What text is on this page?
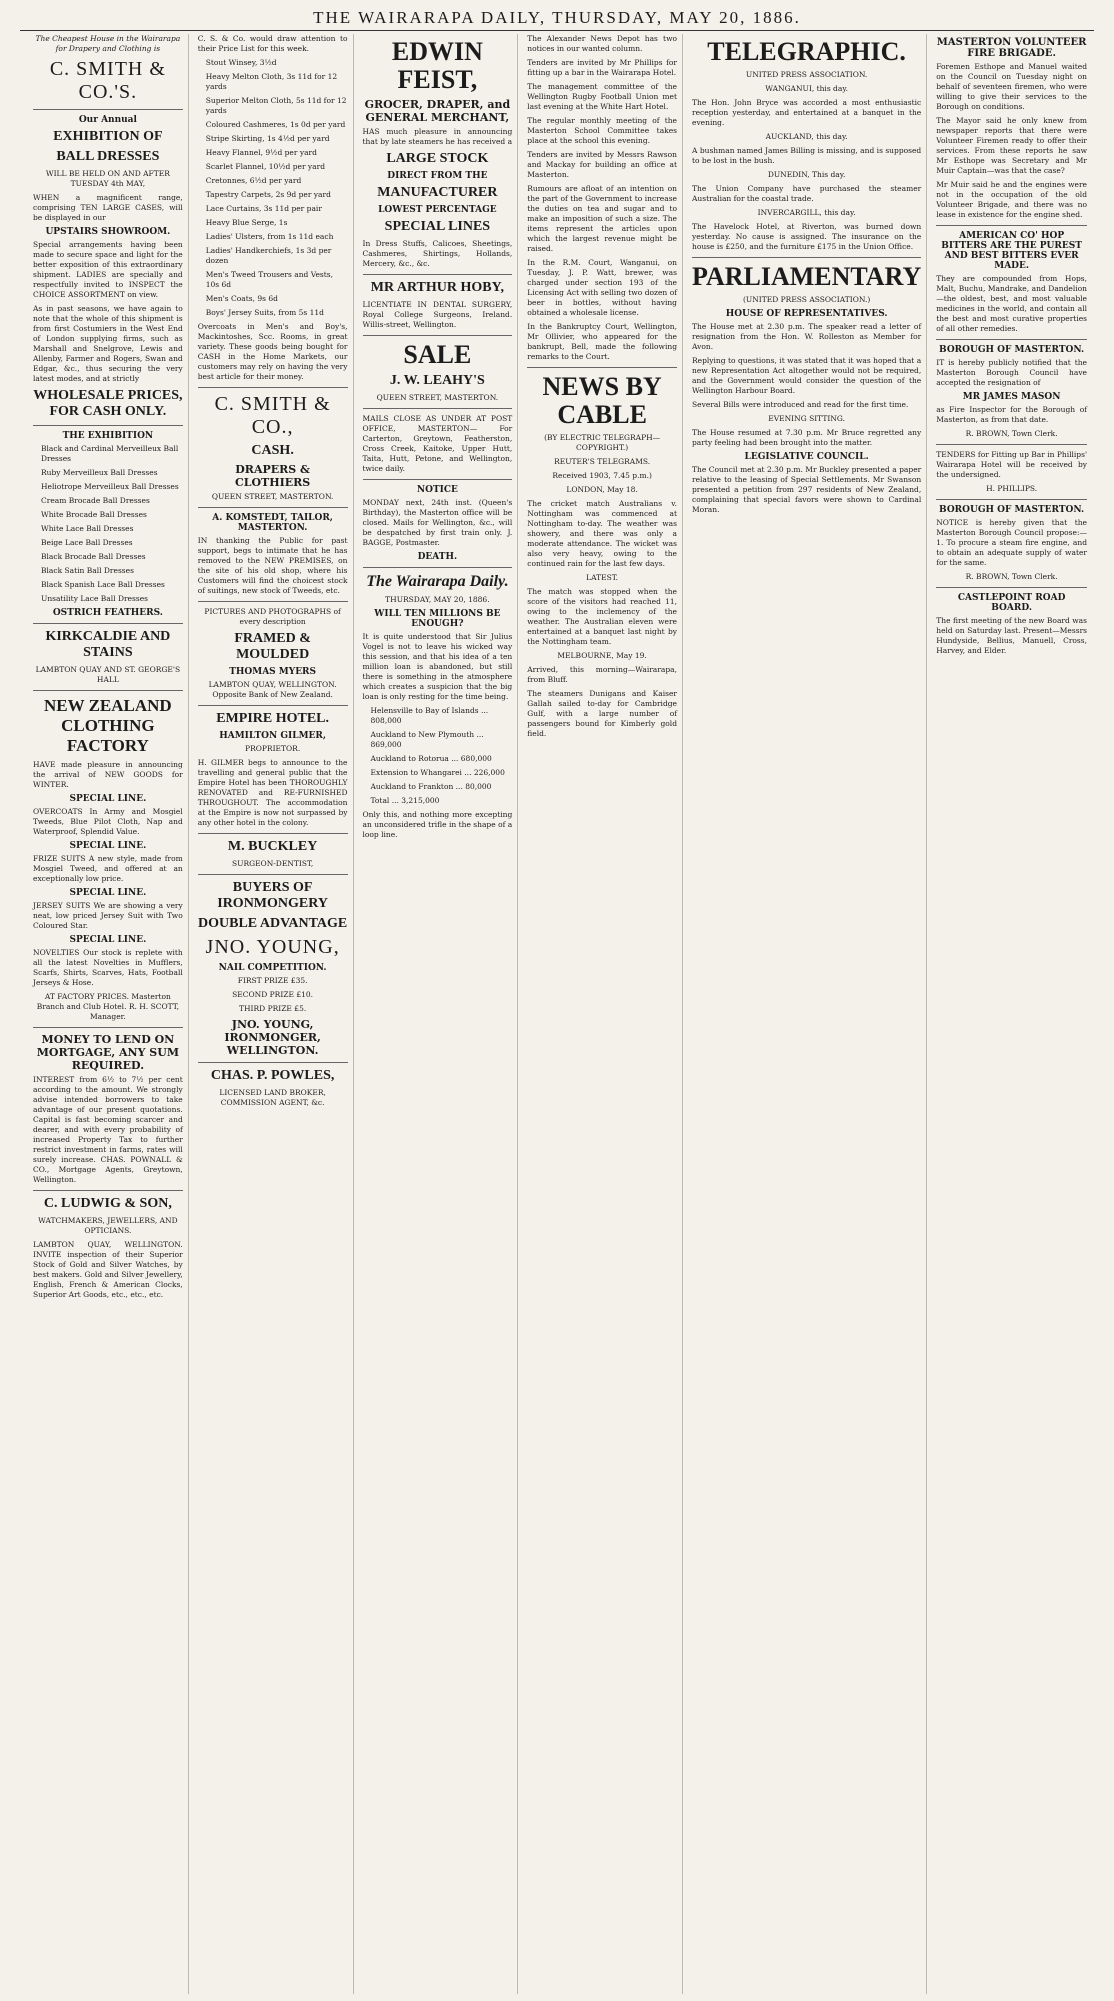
THE WAIRARAPA DAILY, THURSDAY, MAY 20, 1886.

The Cheapest House in the Wairarapa for Drapery and Clothing is

C. SMITH & CO.'S.
Our Annual
EXHIBITION OF
BALL DRESSES

WILL BE HELD ON AND AFTER TUESDAY 4th MAY,

WHEN a magnificent range, comprising TEN LARGE CASES, will be displayed in our

UPSTAIRS SHOWROOM.

Special arrangements having been made to secure space and light for the better exposition of this extraordinary shipment. LADIES are specially and respectfully invited to INSPECT the CHOICE ASSORTMENT on view.

As in past seasons, we have again to note that the whole of this shipment is from first Costumiers in the West End of London supplying firms, such as Marshall and Snelgrove, Lewis and Allenby, Farmer and Rogers, Swan and Edgar, &c., thus securing the very latest modes, and at strictly

WHOLESALE PRICES, FOR CASH ONLY.
THE EXHIBITION
Black and Cardinal Merveilleux Ball Dresses
Ruby Merveilleux Ball Dresses
Heliotrope Merveilleux Ball Dresses
Cream Brocade Ball Dresses
White Brocade Ball Dresses
White Lace Ball Dresses
Beige Lace Ball Dresses
Black Brocade Ball Dresses
Black Satin Ball Dresses
Black Spanish Lace Ball Dresses
Unsatility Lace Ball Dresses
OSTRICH FEATHERS.
KIRKCALDIE AND STAINS

LAMBTON QUAY AND ST. GEORGE'S HALL

NEW ZEALAND CLOTHING FACTORY

HAVE made pleasure in announcing the arrival of NEW GOODS for WINTER.

SPECIAL LINE.

OVERCOATS In Army and Mosgiel Tweeds, Blue Pilot Cloth, Nap and Waterproof, Splendid Value.

SPECIAL LINE.

FRIZE SUITS A new style, made from Mosgiel Tweed, and offered at an exceptionally low price.

SPECIAL LINE.

JERSEY SUITS We are showing a very neat, low priced Jersey Suit with Two Coloured Star.

SPECIAL LINE.

NOVELTIES Our stock is replete with all the latest Novelties in Mufflers, Scarfs, Shirts, Scarves, Hats, Football Jerseys & Hose.

AT FACTORY PRICES. Masterton Branch and Club Hotel. R. H. SCOTT, Manager.

MONEY TO LEND ON MORTGAGE, ANY SUM REQUIRED.

INTEREST from 6½ to 7½ per cent according to the amount. We strongly advise intended borrowers to take advantage of our present quotations. Capital is fast becoming scarcer and dearer, and with every probability of increased Property Tax to further restrict investment in farms, rates will surely increase. CHAS. POWNALL & CO., Mortgage Agents, Greytown, Wellington.

C. LUDWIG & SON,

WATCHMAKERS, JEWELLERS, AND OPTICIANS.

LAMBTON QUAY, WELLINGTON. INVITE inspection of their Superior Stock of Gold and Silver Watches, by best makers. Gold and Silver Jewellery, English, French & American Clocks, Superior Art Goods, etc., etc., etc.

C. S. & Co. would draw attention to their Price List for this week.

Stout Winsey, 3½d
Heavy Melton Cloth, 3s 11d for 12 yards
Superior Melton Cloth, 5s 11d for 12 yards
Coloured Cashmeres, 1s 0d per yard
Stripe Skirting, 1s 4½d per yard
Heavy Flannel, 9½d per yard
Scarlet Flannel, 10½d per yard
Cretonnes, 6½d per yard
Tapestry Carpets, 2s 9d per yard
Lace Curtains, 3s 11d per pair
Heavy Blue Serge, 1s
Ladies' Ulsters, from 1s 11d each
Ladies' Handkerchiefs, 1s 3d per dozen
Men's Tweed Trousers and Vests, 10s 6d
Men's Coats, 9s 6d
Boys' Jersey Suits, from 5s 11d

Overcoats in Men's and Boy's, Mackintoshes, Scc. Rooms, in great variety. These goods being bought for CASH in the Home Markets, our customers may rely on having the very best article for their money.

C. SMITH & CO.,
CASH.
DRAPERS & CLOTHIERS

QUEEN STREET, MASTERTON.

A. KOMSTEDT, TAILOR, MASTERTON.

IN thanking the Public for past support, begs to intimate that he has removed to the NEW PREMISES, on the site of his old shop, where his Customers will find the choicest stock of suitings, new stock of Tweeds, etc.

PICTURES AND PHOTOGRAPHS of every description

FRAMED & MOULDED
THOMAS MYERS

LAMBTON QUAY, WELLINGTON. Opposite Bank of New Zealand.

EMPIRE HOTEL.
HAMILTON GILMER,

PROPRIETOR.

H. GILMER begs to announce to the travelling and general public that the Empire Hotel has been THOROUGHLY RENOVATED and RE-FURNISHED THROUGHOUT. The accommodation at the Empire is now not surpassed by any other hotel in the colony.

M. BUCKLEY

SURGEON-DENTIST,

BUYERS OF IRONMONGERY
DOUBLE ADVANTAGE
JNO. YOUNG,
NAIL COMPETITION.

FIRST PRIZE £35.

SECOND PRIZE £10.

THIRD PRIZE £5.

JNO. YOUNG, IRONMONGER, WELLINGTON.
CHAS. P. POWLES,

LICENSED LAND BROKER, COMMISSION AGENT, &c.

EDWIN FEIST,
GROCER, DRAPER, and GENERAL MERCHANT,

HAS much pleasure in announcing that by late steamers he has received a

LARGE STOCK
DIRECT FROM THE
MANUFACTURER
LOWEST PERCENTAGE
SPECIAL LINES

In Dress Stuffs, Calicoes, Sheetings, Cashmeres, Shirtings, Hollands, Mercery, &c., &c.

MR ARTHUR HOBY,

LICENTIATE IN DENTAL SURGERY, Royal College Surgeons, Ireland. Willis-street, Wellington.

SALE
J. W. LEAHY'S

QUEEN STREET, MASTERTON.

MAILS CLOSE AS UNDER AT POST OFFICE, MASTERTON— For Carterton, Greytown, Featherston, Cross Creek, Kaitoke, Upper Hutt, Taita, Hutt, Petone, and Wellington, twice daily.

NOTICE

MONDAY next, 24th inst. (Queen's Birthday), the Masterton office will be closed. Mails for Wellington, &c., will be despatched by first train only. J. BAGGE, Postmaster.

DEATH.
The Wairarapa Daily.

THURSDAY, MAY 20, 1886.

WILL TEN MILLIONS BE ENOUGH?

It is quite understood that Sir Julius Vogel is not to leave his wicked way this session, and that his idea of a ten million loan is abandoned, but still there is something in the atmosphere which creates a suspicion that the big loan is only resting for the time being.

Helensville to Bay of Islands ... 808,000
Auckland to New Plymouth ... 869,000
Auckland to Rotorua ... 680,000
Extension to Whangarei ... 226,000
Auckland to Frankton ... 80,000
Total ... 3,215,000

Only this, and nothing more excepting an unconsidered trifle in the shape of a loop line.

The Alexander News Depot has two notices in our wanted column.

Tenders are invited by Mr Phillips for fitting up a bar in the Wairarapa Hotel.

The management committee of the Wellington Rugby Football Union met last evening at the White Hart Hotel.

The regular monthly meeting of the Masterton School Committee takes place at the school this evening.

Tenders are invited by Messrs Rawson and Mackay for building an office at Masterton.

Rumours are afloat of an intention on the part of the Government to increase the duties on tea and sugar and to make an imposition of such a size. The items represent the articles upon which the largest revenue might be raised.

In the R.M. Court, Wanganui, on Tuesday, J. P. Watt, brewer, was charged under section 193 of the Licensing Act with selling two dozen of beer in bottles, without having obtained a wholesale license.

In the Bankruptcy Court, Wellington, Mr Ollivier, who appeared for the bankrupt, Bell, made the following remarks to the Court.

NEWS BY CABLE

(BY ELECTRIC TELEGRAPH—COPYRIGHT.)

REUTER'S TELEGRAMS.

Received 1903, 7.45 p.m.)

LONDON, May 18.

The cricket match Australians v. Nottingham was commenced at Nottingham to-day. The weather was showery, and there was only a moderate attendance. The wicket was also very heavy, owing to the continued rain for the last few days.

LATEST.

The match was stopped when the score of the visitors had reached 11, owing to the inclemency of the weather. The Australian eleven were entertained at a banquet last night by the Nottingham team.

MELBOURNE, May 19.

Arrived, this morning—Wairarapa, from Bluff.

The steamers Dunigans and Kaiser Gallah sailed to-day for Cambridge Gulf, with a large number of passengers bound for Kimberly gold field.

TELEGRAPHIC.

UNITED PRESS ASSOCIATION.

WANGANUI, this day.

The Hon. John Bryce was accorded a most enthusiastic reception yesterday, and entertained at a banquet in the evening.

AUCKLAND, this day.

A bushman named James Billing is missing, and is supposed to be lost in the bush.

DUNEDIN, This day.

The Union Company have purchased the steamer Australian for the coastal trade.

INVERCARGILL, this day.

The Havelock Hotel, at Riverton, was burned down yesterday. No cause is assigned. The insurance on the house is £250, and the furniture £175 in the Union Office.

PARLIAMENTARY

(UNITED PRESS ASSOCIATION.)

HOUSE OF REPRESENTATIVES.

The House met at 2.30 p.m. The speaker read a letter of resignation from the Hon. W. Rolleston as Member for Avon.

Replying to questions, it was stated that it was hoped that a new Representation Act altogether would not be required, and the Government would consider the question of the Wellington Harbour Board.

Several Bills were introduced and read for the first time.

EVENING SITTING.

The House resumed at 7.30 p.m. Mr Bruce regretted any party feeling had been brought into the matter.

LEGISLATIVE COUNCIL.

The Council met at 2.30 p.m. Mr Buckley presented a paper relative to the leasing of Special Settlements. Mr Swanson presented a petition from 297 residents of New Zealand, complaining that special favors were shown to Cardinal Moran.

MASTERTON VOLUNTEER FIRE BRIGADE.

Foremen Esthope and Manuel waited on the Council on Tuesday night on behalf of seventeen firemen, who were willing to give their services to the Borough on conditions.

The Mayor said he only knew from newspaper reports that there were Volunteer Firemen ready to offer their services. From these reports he saw Mr Esthope was Secretary and Mr Muir Captain—was that the case?

Mr Muir said he and the engines were not in the occupation of the old Volunteer Brigade, and there was no lease in existence for the engine shed.

AMERICAN CO' HOP BITTERS ARE THE PUREST AND BEST BITTERS EVER MADE.

They are compounded from Hops, Malt, Buchu, Mandrake, and Dandelion—the oldest, best, and most valuable medicines in the world, and contain all the best and most curative properties of all other remedies.

BOROUGH OF MASTERTON.

IT is hereby publicly notified that the Masterton Borough Council have accepted the resignation of

MR JAMES MASON

as Fire Inspector for the Borough of Masterton, as from that date.

R. BROWN, Town Clerk.

TENDERS for Fitting up Bar in Phillips' Wairarapa Hotel will be received by the undersigned.

H. PHILLIPS.

BOROUGH OF MASTERTON.

NOTICE is hereby given that the Masterton Borough Council propose:— 1. To procure a steam fire engine, and to obtain an adequate supply of water for the same.

R. BROWN, Town Clerk.

CASTLEPOINT ROAD BOARD.

The first meeting of the new Board was held on Saturday last. Present—Messrs Hundyside, Bellius, Manuell, Cross, Harvey, and Elder.
